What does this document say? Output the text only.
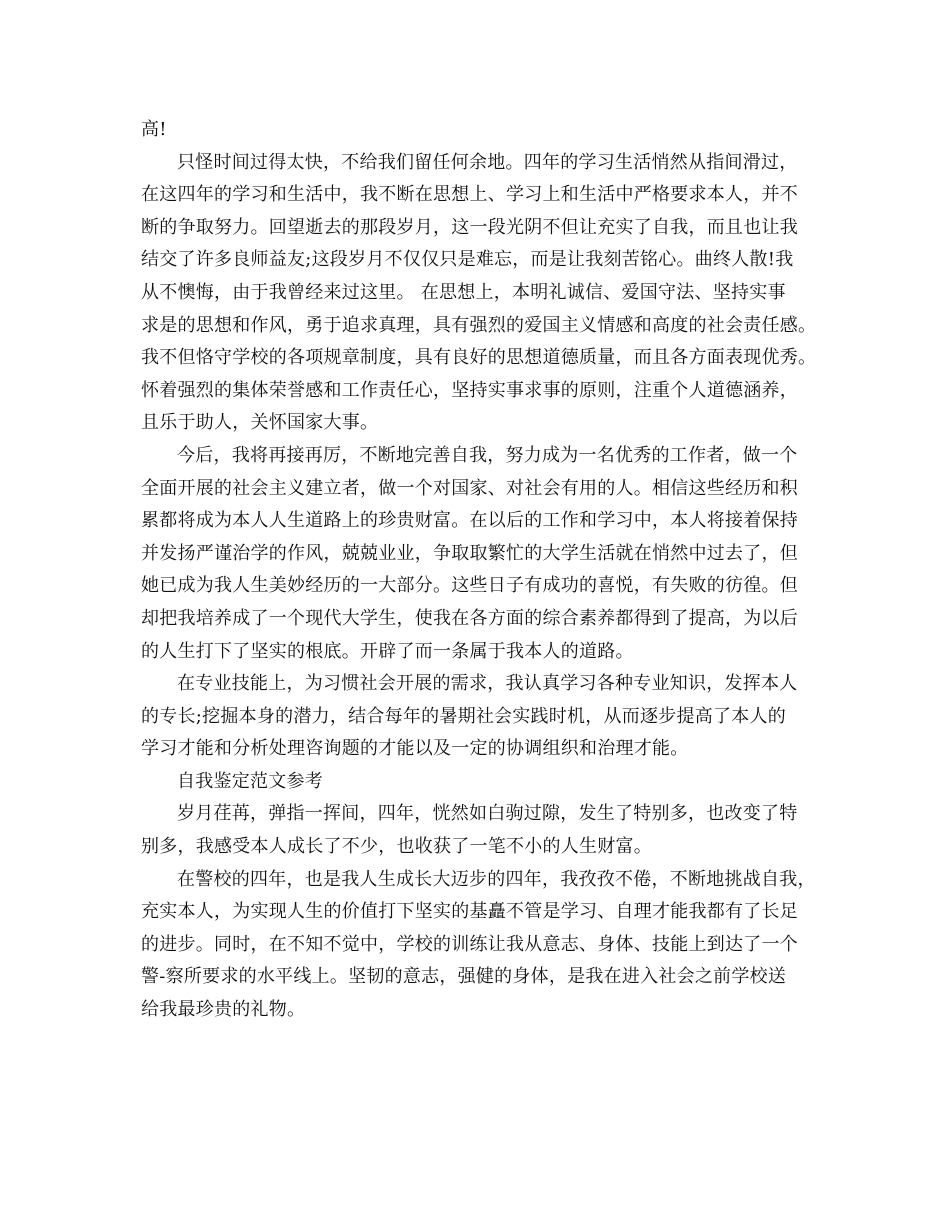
高!
只怪时间过得太快，不给我们留任何余地。四年的学习生活悄然从指间滑过，
在这四年的学习和生活中，我不断在思想上、学习上和生活中严格要求本人，并不
断的争取努力。回望逝去的那段岁月，这一段光阴不但让充实了自我，而且也让我
结交了许多良师益友;这段岁月不仅仅只是难忘，而是让我刻苦铭心。曲终人散!我
从不懊悔，由于我曾经来过这里。 在思想上，本明礼诚信、爱国守法、坚持实事
求是的思想和作风，勇于追求真理，具有强烈的爱国主义情感和高度的社会责任感。
我不但恪守学校的各项规章制度，具有良好的思想道德质量，而且各方面表现优秀。
怀着强烈的集体荣誉感和工作责任心，坚持实事求事的原则，注重个人道德涵养，
且乐于助人，关怀国家大事。
今后，我将再接再厉，不断地完善自我，努力成为一名优秀的工作者，做一个
全面开展的社会主义建立者，做一个对国家、对社会有用的人。相信这些经历和积
累都将成为本人人生道路上的珍贵财富。在以后的工作和学习中，本人将接着保持
并发扬严谨治学的作风，兢兢业业，争取取繁忙的大学生活就在悄然中过去了，但
她已成为我人生美妙经历的一大部分。这些日子有成功的喜悦，有失败的彷徨。但
却把我培养成了一个现代大学生，使我在各方面的综合素养都得到了提高，为以后
的人生打下了坚实的根底。开辟了而一条属于我本人的道路。
在专业技能上，为习惯社会开展的需求，我认真学习各种专业知识，发挥本人
的专长;挖掘本身的潜力，结合每年的暑期社会实践时机，从而逐步提高了本人的
学习才能和分析处理咨询题的才能以及一定的协调组织和治理才能。
自我鉴定范文参考
岁月荏苒，弹指一挥间，四年，恍然如白驹过隙，发生了特别多，也改变了特
别多，我感受本人成长了不少，也收获了一笔不小的人生财富。
在警校的四年，也是我人生成长大迈步的四年，我孜孜不倦，不断地挑战自我，
充实本人，为实现人生的价值打下坚实的基矗不管是学习、自理才能我都有了长足
的进步。同时，在不知不觉中，学校的训练让我从意志、身体、技能上到达了一个
警-察所要求的水平线上。坚韧的意志，强健的身体，是我在进入社会之前学校送
给我最珍贵的礼物。
